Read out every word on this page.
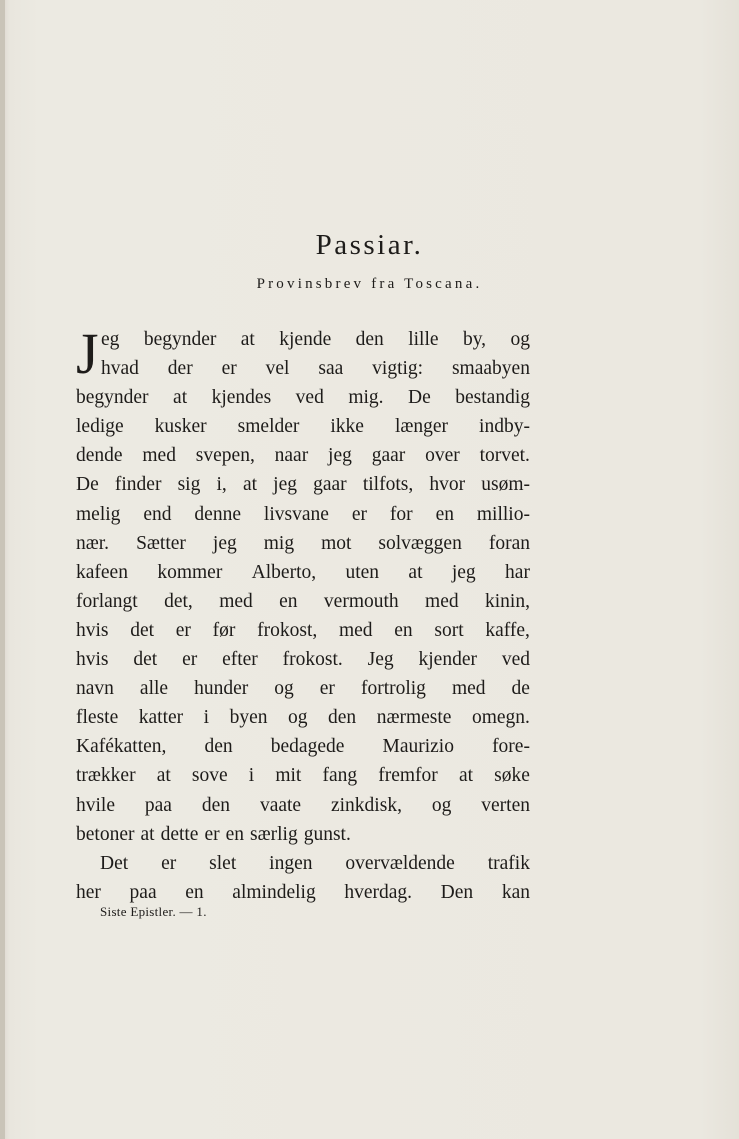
Passiar.
Provinsbrev fra Toscana.
J eg begynder at kjende den lille by, og
hvad der er vel saa vigtig: smaabyen
begynder at kjendes ved mig. De bestandig
ledige kusker smelder ikke længer indby-
dende med svepen, naar jeg gaar over torvet.
De finder sig i, at jeg gaar tilfots, hvor usøm-
melig end denne livsvane er for en millio-
nær. Sætter jeg mig mot solvæggen foran
kafeen kommer Alberto, uten at jeg har
forlangt det, med en vermouth med kinin,
hvis det er før frokost, med en sort kaffe,
hvis det er efter frokost. Jeg kjender ved
navn alle hunder og er fortrolig med de
fleste katter i byen og den nærmeste omegn.
Kafékatten, den bedagede Maurizio fore-
trækker at sove i mit fang fremfor at søke
hvile paa den vaate zinkdisk, og verten
betoner at dette er en særlig gunst.
Det er slet ingen overvældende trafik
her paa en almindelig hverdag. Den kan
Siste Epistler. — 1.
